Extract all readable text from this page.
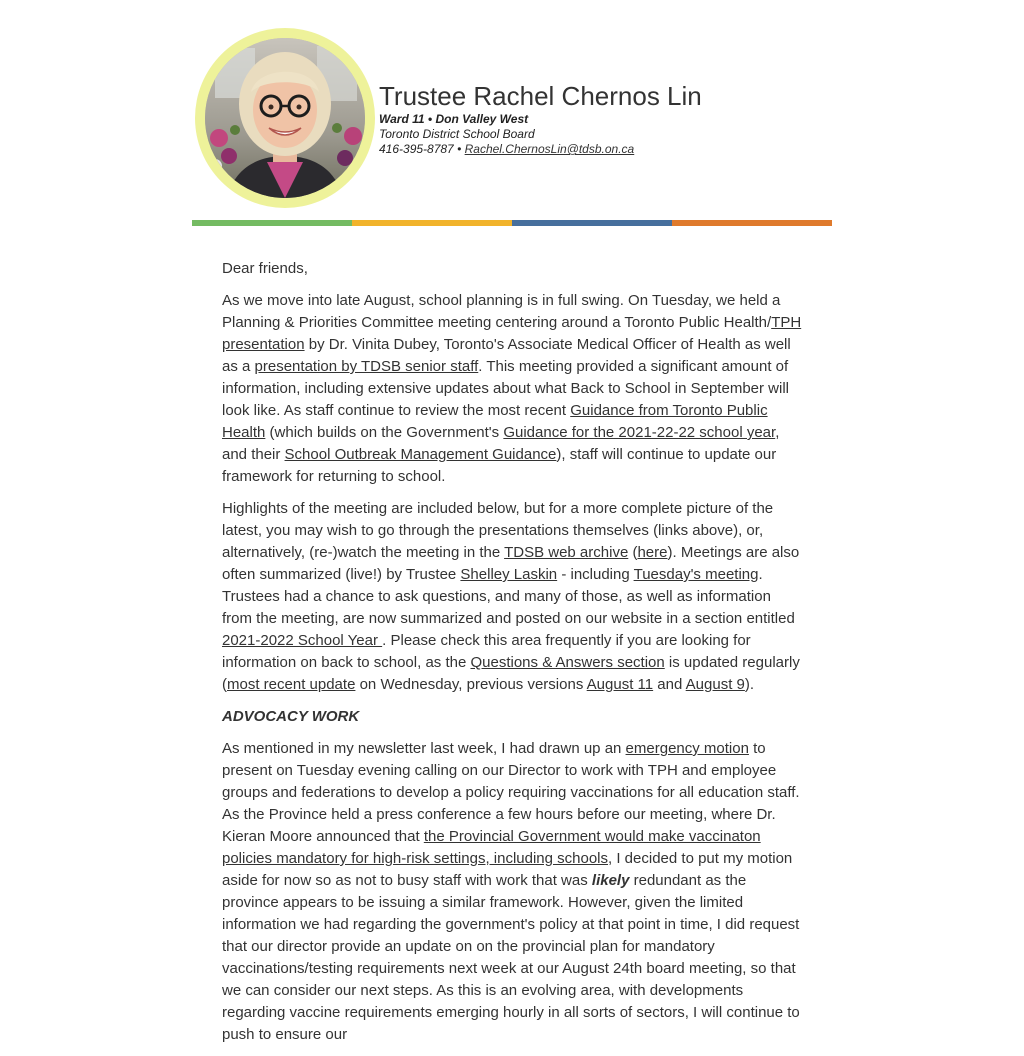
Trustee Rachel Chernos Lin
Ward 11 • Don Valley West
Toronto District School Board
416-395-8787 • Rachel.ChernosLin@tdsb.on.ca

Dear friends,

As we move into late August, school planning is in full swing. On Tuesday, we held a Planning & Priorities Committee meeting centering around a Toronto Public Health/TPH presentation by Dr. Vinita Dubey, Toronto's Associate Medical Officer of Health as well as a presentation by TDSB senior staff. This meeting provided a significant amount of information, including extensive updates about what Back to School in September will look like. As staff continue to review the most recent Guidance from Toronto Public Health (which builds on the Government's Guidance for the 2021-22-22 school year, and their School Outbreak Management Guidance), staff will continue to update our framework for returning to school.

Highlights of the meeting are included below, but for a more complete picture of the latest, you may wish to go through the presentations themselves (links above), or, alternatively, (re-)watch the meeting in the TDSB web archive (here). Meetings are also often summarized (live!) by Trustee Shelley Laskin - including Tuesday's meeting. Trustees had a chance to ask questions, and many of those, as well as information from the meeting, are now summarized and posted on our website in a section entitled 2021-2022 School Year . Please check this area frequently if you are looking for information on back to school, as the Questions & Answers section is updated regularly (most recent update on Wednesday, previous versions August 11 and August 9).

ADVOCACY WORK

As mentioned in my newsletter last week, I had drawn up an emergency motion to present on Tuesday evening calling on our Director to work with TPH and employee groups and federations to develop a policy requiring vaccinations for all education staff. As the Province held a press conference a few hours before our meeting, where Dr. Kieran Moore announced that the Provincial Government would make vaccinaton policies mandatory for high-risk settings, including schools, I decided to put my motion aside for now so as not to busy staff with work that was likely redundant as the province appears to be issuing a similar framework. However, given the limited information we had regarding the government's policy at that point in time, I did request that our director provide an update on on the provincial plan for mandatory vaccinations/testing requirements next week at our August 24th board meeting, so that we can consider our next steps. As this is an evolving area, with developments regarding vaccine requirements emerging hourly in all sorts of sectors, I will continue to push to ensure our
